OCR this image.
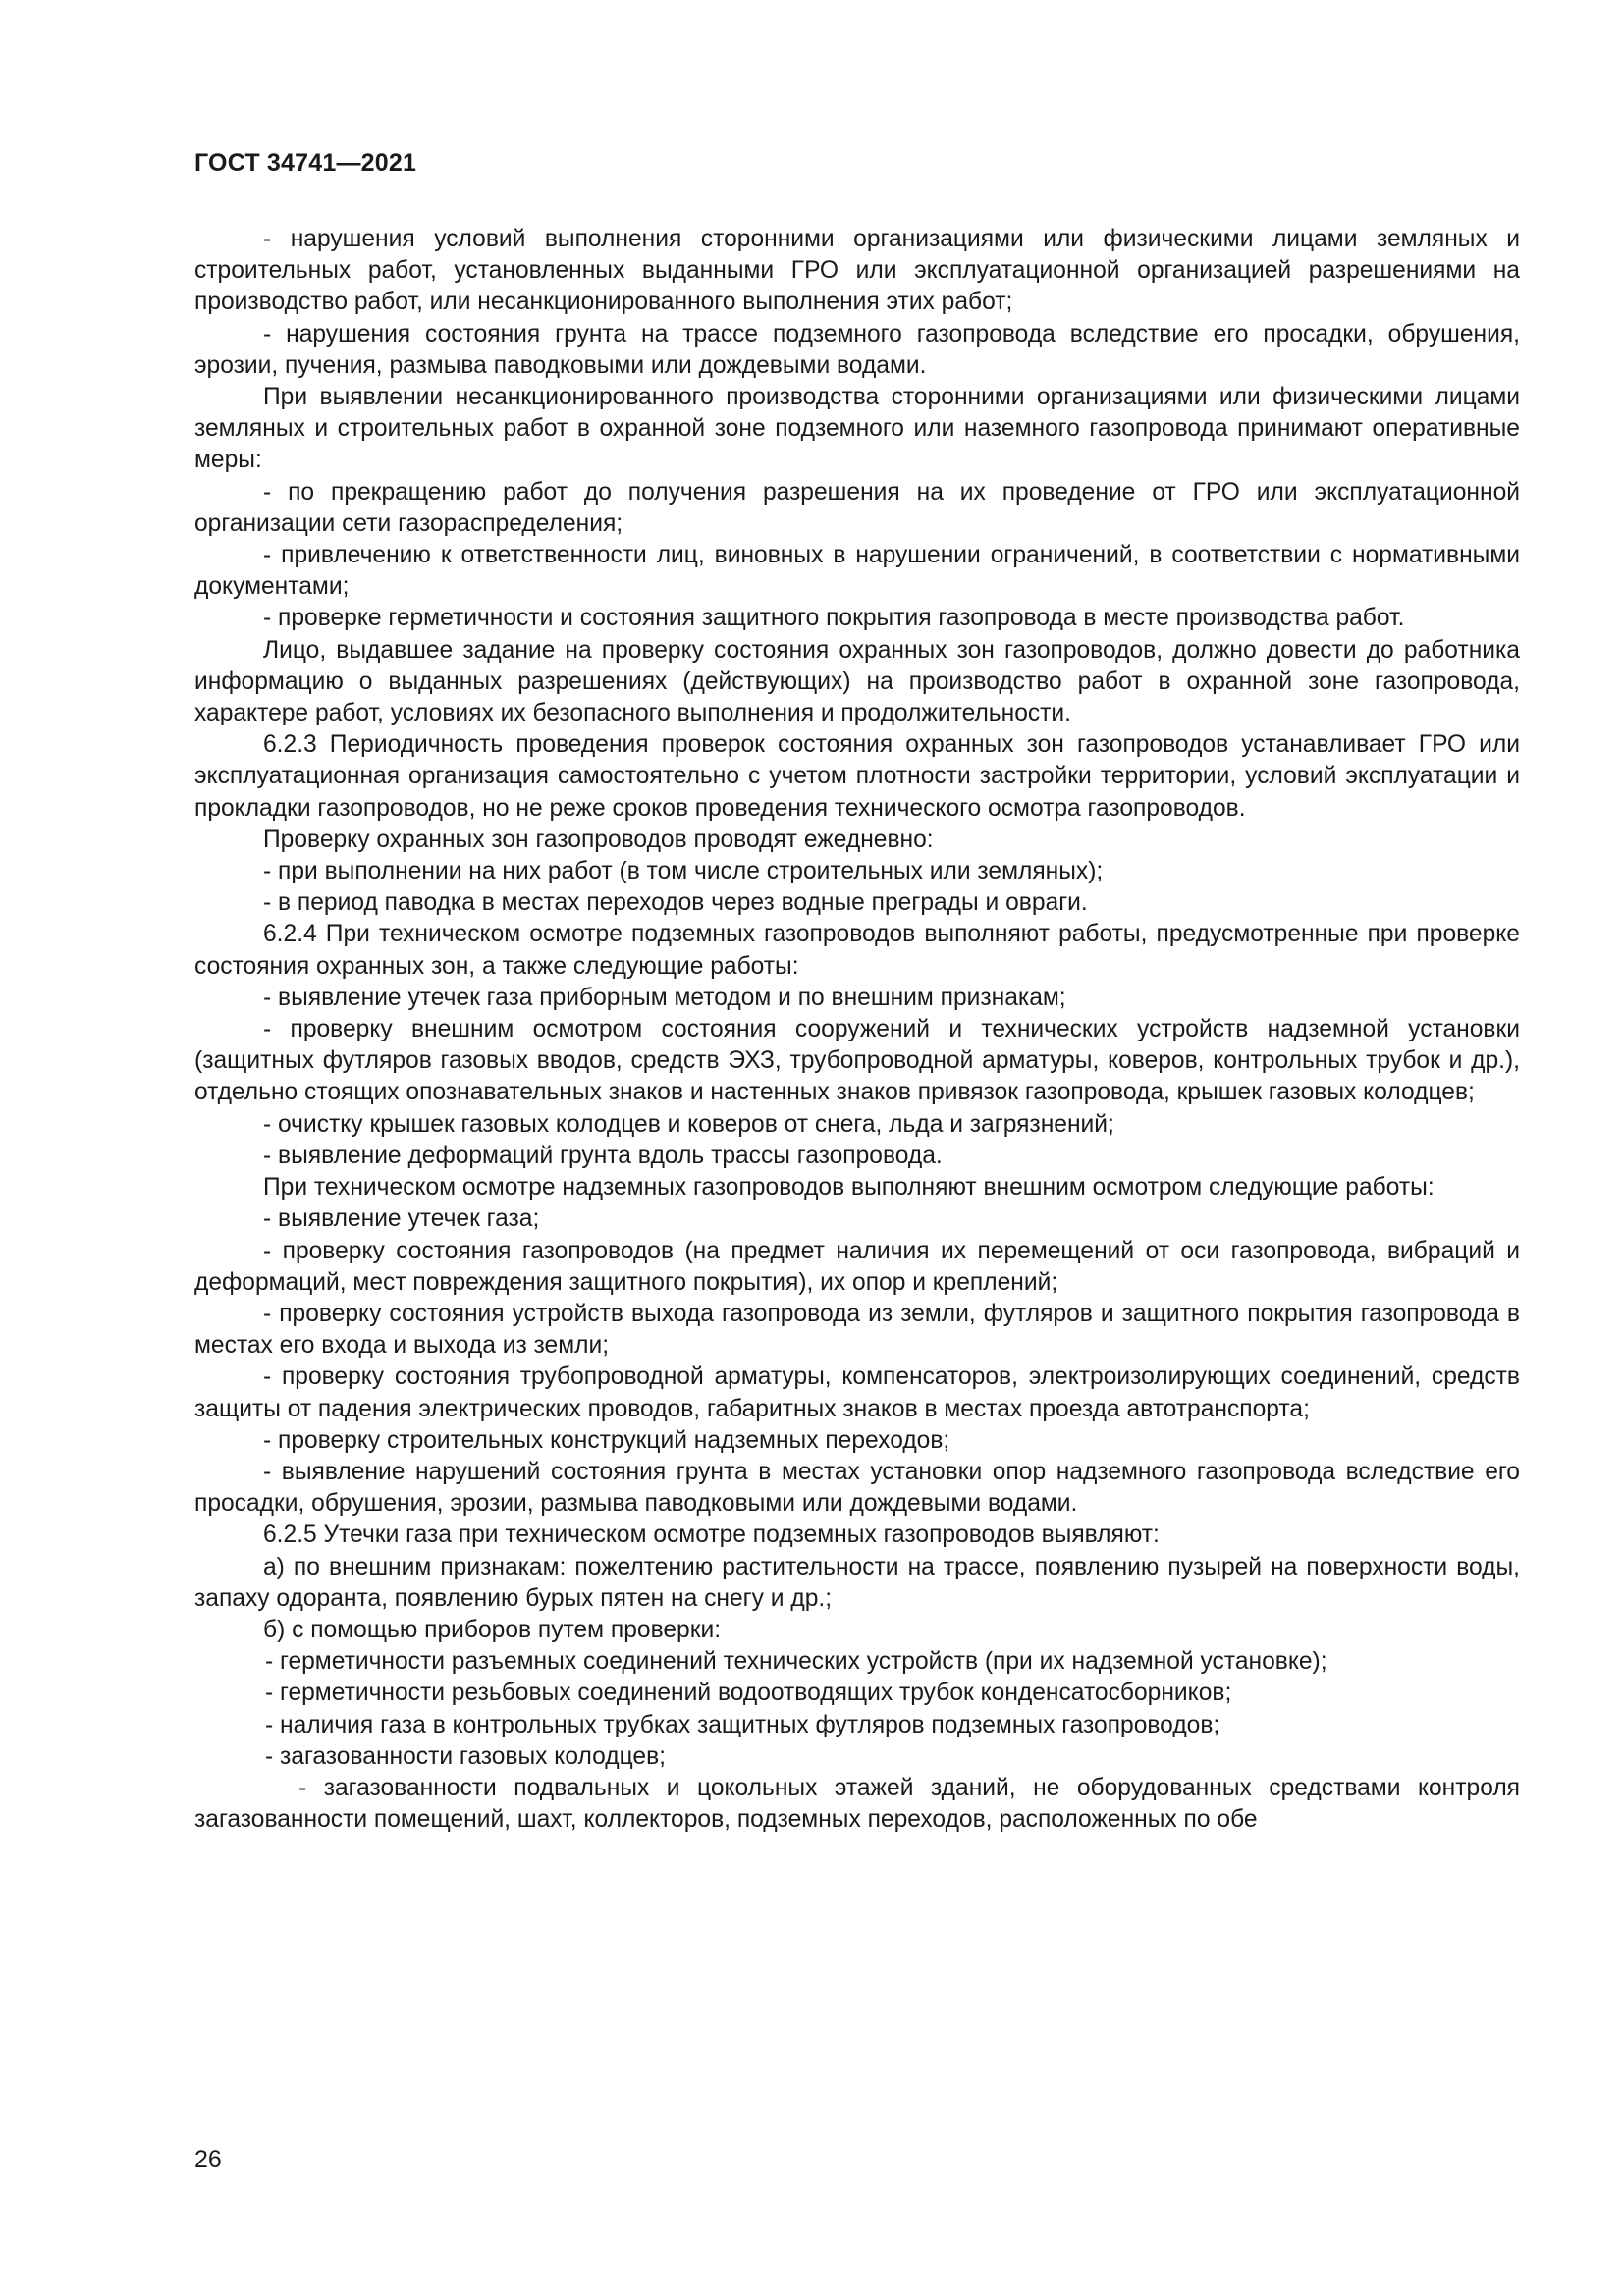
ГОСТ 34741—2021

- нарушения условий выполнения сторонними организациями или физическими лицами земляных и строительных работ, установленных выданными ГРО или эксплуатационной организацией разрешениями на производство работ, или несанкционированного выполнения этих работ;

- нарушения состояния грунта на трассе подземного газопровода вследствие его просадки, обрушения, эрозии, пучения, размыва паводковыми или дождевыми водами.

При выявлении несанкционированного производства сторонними организациями или физическими лицами земляных и строительных работ в охранной зоне подземного или наземного газопровода принимают оперативные меры:

- по прекращению работ до получения разрешения на их проведение от ГРО или эксплуатационной организации сети газораспределения;

- привлечению к ответственности лиц, виновных в нарушении ограничений, в соответствии с нормативными документами;

- проверке герметичности и состояния защитного покрытия газопровода в месте производства работ.

Лицо, выдавшее задание на проверку состояния охранных зон газопроводов, должно довести до работника информацию о выданных разрешениях (действующих) на производство работ в охранной зоне газопровода, характере работ, условиях их безопасного выполнения и продолжительности.

6.2.3 Периодичность проведения проверок состояния охранных зон газопроводов устанавливает ГРО или эксплуатационная организация самостоятельно с учетом плотности застройки территории, условий эксплуатации и прокладки газопроводов, но не реже сроков проведения технического осмотра газопроводов.

Проверку охранных зон газопроводов проводят ежедневно:

- при выполнении на них работ (в том числе строительных или земляных);

- в период паводка в местах переходов через водные преграды и овраги.

6.2.4 При техническом осмотре подземных газопроводов выполняют работы, предусмотренные при проверке состояния охранных зон, а также следующие работы:

- выявление утечек газа приборным методом и по внешним признакам;

- проверку внешним осмотром состояния сооружений и технических устройств надземной установки (защитных футляров газовых вводов, средств ЭХЗ, трубопроводной арматуры, коверов, контрольных трубок и др.), отдельно стоящих опознавательных знаков и настенных знаков привязок газопровода, крышек газовых колодцев;

- очистку крышек газовых колодцев и коверов от снега, льда и загрязнений;

- выявление деформаций грунта вдоль трассы газопровода.

При техническом осмотре надземных газопроводов выполняют внешним осмотром следующие работы:

- выявление утечек газа;

- проверку состояния газопроводов (на предмет наличия их перемещений от оси газопровода, вибраций и деформаций, мест повреждения защитного покрытия), их опор и креплений;

- проверку состояния устройств выхода газопровода из земли, футляров и защитного покрытия газопровода в местах его входа и выхода из земли;

- проверку состояния трубопроводной арматуры, компенсаторов, электроизолирующих соединений, средств защиты от падения электрических проводов, габаритных знаков в местах проезда автотранспорта;

- проверку строительных конструкций надземных переходов;

- выявление нарушений состояния грунта в местах установки опор надземного газопровода вследствие его просадки, обрушения, эрозии, размыва паводковыми или дождевыми водами.

6.2.5 Утечки газа при техническом осмотре подземных газопроводов выявляют:

а) по внешним признакам: пожелтению растительности на трассе, появлению пузырей на поверхности воды, запаху одоранта, появлению бурых пятен на снегу и др.;

б) с помощью приборов путем проверки:

- герметичности разъемных соединений технических устройств (при их надземной установке);

- герметичности резьбовых соединений водоотводящих трубок конденсатосборников;

- наличия газа в контрольных трубках защитных футляров подземных газопроводов;

- загазованности газовых колодцев;

- загазованности подвальных и цокольных этажей зданий, не оборудованных средствами контроля загазованности помещений, шахт, коллекторов, подземных переходов, расположенных по обе

26
